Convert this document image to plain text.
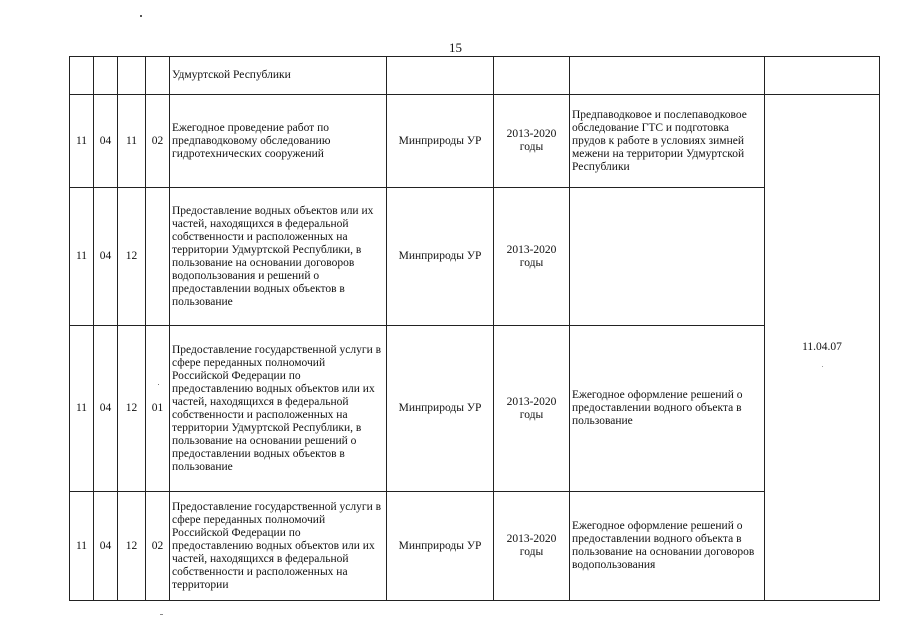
15
				Удмуртской Республики				
11	04	11	02	Ежегодное проведение работ по предпаводковому обследованию гидротехнических сооружений	Минприроды УР	2013-2020 годы	Предпаводковое и послепаводковое обследование ГТС и подготовка прудов к работе в условиях зимней межени на территории Удмуртской Республики	11.04.07
11	04	12		Предоставление водных объектов или их частей, находящихся в федеральной собственности и расположенных на территории Удмуртской Республики, в пользование на основании договоров водопользования и решений о предоставлении водных объектов в пользование	Минприроды УР	2013-2020 годы		
11	04	12	01	Предоставление государственной услуги в сфере переданных полномочий Российской Федерации по предоставлению водных объектов или их частей, находящихся в федеральной собственности и расположенных на территории Удмуртской Республики, в пользование на основании решений о предоставлении водных объектов в пользование	Минприроды УР	2013-2020 годы	Ежегодное оформление решений о предоставлении водного объекта в пользование	
11	04	12	02	Предоставление государственной услуги в сфере переданных полномочий Российской Федерации по предоставлению водных объектов или их частей, находящихся в федеральной собственности и расположенных на территории	Минприроды УР	2013-2020 годы	Ежегодное оформление решений о предоставлении водного объекта в пользование на основании договоров водопользования	
